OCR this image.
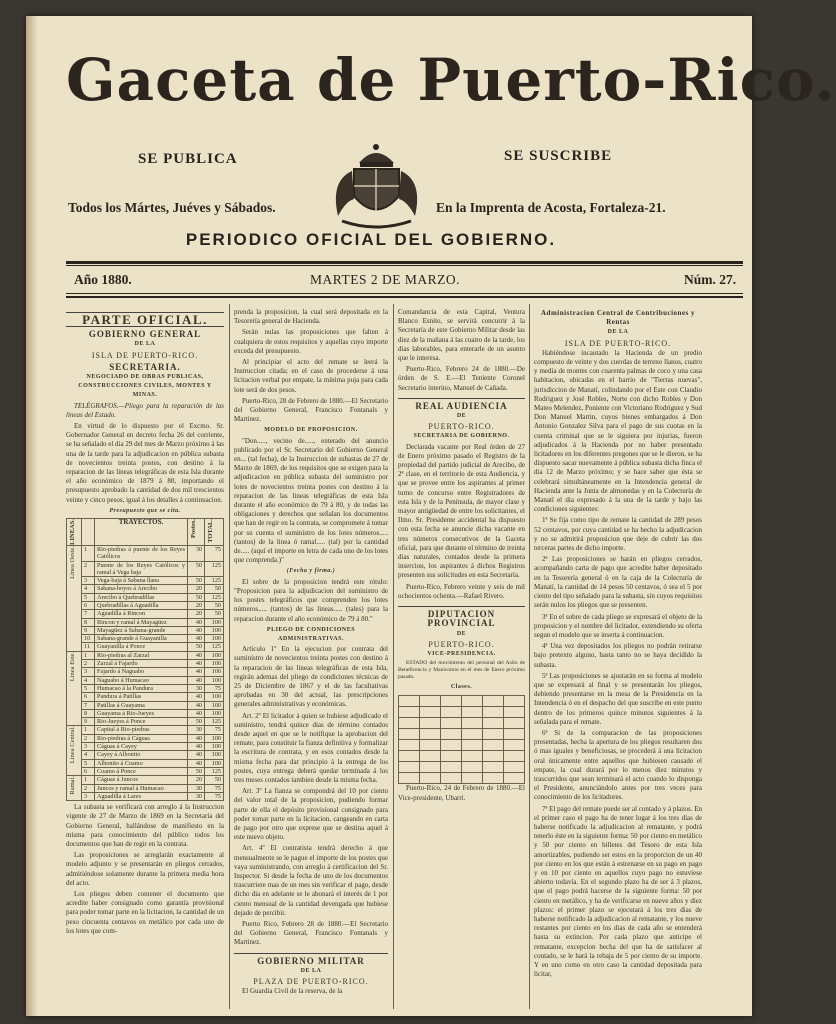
Gaceta de Puerto-Rico.
SE PUBLICA
Todos los Mártes, Juéves y Sábados.
SE SUSCRIBE
En la Imprenta de Acosta, Fortaleza-21.
PERIODICO OFICIAL DEL GOBIERNO.
Año 1880.	MARTES 2 DE MARZO.	Núm. 27.
PARTE OFICIAL.
GOBIERNO GENERAL
DE LA
ISLA DE PUERTO-RICO.
SECRETARIA.
NEGOCIADO DE OBRAS PUBLICAS, CONSTRUCCIONES CIVILES, MONTES Y MINAS.

TELÉGRAFOS.—Pliego para la reparación de las lineas del Estado.

En virtud de lo dispuesto por el Excmo. Sr. Gobernador General en decreto fecha 26 del corriente, se ha señalado el dia 29 del mes de Marzo próximo á las una de la tarde para la adjudicacion en pública subasta de novecientos treinta postes, con destino á la reparacion de las lineas telegráficas de esta Isla durante el año económico de 1879 á 80, importando el presupuesto aprobado la cantidad de dos mil trescientos veinte y cinco pesos, igual á los detalles á continuacion.

Presupuesto que se cita.
LINEAS.		TRAYECTOS.	Postes.	TOTAL.

Linea Oeste.	1	Rio-piedras á puente de los Reyes Católicos	30	75
	2	Puente de los Reyes Católicos y ramal á Vega baja	50	125
	3	Vega-baja á Sabana llana	50	125
	4	Sabana-hoyos á Arecibo	20	50
	5	Arecibo á Quebradillas	50	125
	6	Quebradillas á Aguadilla	20	50
	7	Aguadilla á Rincon	20	50
	8	Rincon y ramal á Mayagüez	40	100
	9	Mayagüez á Sabana-grande	40	100
	10	Sabana-grande á Guayanilla	40	100
	11	Guayanilla á Ponce	50	125

Linea Este.	1	Rio-piedras al Zarzal	40	100
	2	Zarzal á Fajardo	40	100
	3	Fajardo á Naguabo	40	100
	4	Naguabo á Humacao	40	100
	5	Humacao á la Pandura	30	75
	6	Pandura á Patillas	40	100
	7	Patillas á Guayama	40	100
	8	Guayama á Rio-Jueyes	40	100
	9	Rio-Jueyes á Ponce	50	125

Linea Central.	1	Capital á Rio-piedras	30	75
	2	Rio-piedras á Cáguas	40	100
	3	Cáguas á Cayey	40	100
	4	Cayey á Albonito	40	100
	5	Albonito á Coamo	40	100
	6	Coamo á Ponce	50	125

Ramal.	1	Cáguas á Juncos	20	50
	2	Juncos y ramal á Humacao	30	75
	3	Aguadilla á Lares	30	75

La subasta se verificará con arreglo á la Instruccion vigente de 27 de Marzo de 1869 en la Secretaría del Gobierno General, hallándose de manifiesto en la misma para conocimiento del público todos los documentos que han de regir en la contrata.

Las proposiciones se arreglarán exactamente al modelo adjunto y se presentarán en pliegos cerrados, admitiéndose solamente durante la primera media hora del acto.

Los pliegos deben contener el documento que acredite haber consignado como garantía provisional para poder tomar parte en la licitacion, la cantidad de un peso cincuenta centavos en metálico por cada uno de los lotes que com-

prenda la proposicion, la cual será depositada en la Tesorería general de Hacienda.

Serán nulas las proposiciones que falten á cualquiera de estos requisitos y aquellas cuyo importe exceda del presupuesto.

Al principiar el acto del remate se leerá la Instruccion citada; en el caso de procederse á una licitacion verbal por empate, la mínima puja para cada lote será de dos pesos.

Puerto-Rico, 28 de Febrero de 1880.—El Secretario del Gobierno General, Francisco Fontanals y Martinez.

MODELO DE PROPOSICION.

"Don....., vecino de....., enterado del anuncio publicado por el Sr. Secretario del Gobierno General en... (tal fecha), de la Instruccion de subastas de 27 de Marzo de 1869, de los requisitos que se exigen para la adjudicacion en pública subasta del suministro por lotes de novecientos treinta postes con destino á la reparacion de las lineas telegráficas de esta Isla durante el año económico de 79 á 80, y de todas las obligaciones y derechos que señalan los documentos que han de regir en la contrata, se compromete á tomar por su cuenta el suministro de los lotes números..... (tantos) de la linea ó ramal..... (tal) por la cantidad de..... (aquí el importe en letra de cada uno de los lotes que comprenda.)"

(Fecha y firma.)

El sobre de la proposicion tendrá este rótulo: "Proposicion para la adjudicacion del suministro de los postes telegráficos que comprenden los lotes números..... (tantos) de las lineas..... (tales) para la reparacion durante el año económico de 79 á 80."

PLIEGO DE CONDICIONES ADMINISTRATIVAS.

Artículo 1º En la ejecucion por contrata del suministro de novecientos treinta postes con destino á la reparacion de las lineas telegráficas de esta Isla, regirán ademas del pliego de condiciones técnicas de 25 de Diciembre de 1867 y el de las facultativas aprobadas en 30 del actual, las prescripciones generales administrativas y económicas.

Art. 2º El licitador á quien se hubiese adjudicado el suministro, tendrá quince dias de término contados desde aquel en que se le notifique la aprobacion del remate, para constituir la fianza definitiva y formalizar la escritura de contrata, y en esos contados desde la misma fecha para dar principio á la entrega de los postes, cuya entrega deberá quedar terminada á los tres meses contados tambien desde la misma fecha.

Art. 3º La fianza se compondrá del 10 por ciento del valor total de la proposicion, pudiendo formar parte de ella el depósito provisional consignado para poder tomar parte en la licitacion, cangeando en carta de pago por otro que exprese que se destina aquel á este nuevo objeto.

Art. 4º El contratista tendrá derecho á que mensualmente se le pague el importe de los postes que vaya suministrando, con arreglo á certificacion del Sr. Inspector. Si desde la fecha de uno de los documentos trascurriere mas de un mes sin verificar el pago, desde dicho dia en adelante se le abonará el interés de 1 por ciento mensual de la cantidad devengada que hubiese dejado de percibir.

Puerto Rico, Febrero 28 de 1880.—El Secretario del Gobierno General, Francisco Fontanals y Martinez.

GOBIERNO MILITAR
DE LA
PLAZA DE PUERTO-RICO.

El Guardia Civil de la reserva, de la

Comandancia de esta Capital, Ventura Blanco Esnito, se servirá concurrir á la Secretaría de este Gobierno Militar desde las diez de la mañana á las cuatro de la tarde, los dias laborables, para enterarle de un asunto que le interesa.

Puerto-Rico, Febrero 24 de 1880.—De órden de S. E.—El Teniente Coronel Secretario interino, Manuel de Cañada.

REAL AUDIENCIA
DE
PUERTO-RICO.
SECRETARIA DE GOBIERNO.

Declarada vacante por Real órden de 27 de Enero próximo pasado el Registro de la propiedad del partido judicial de Arecibo, de 2ª clase, en el territorio de esta Audiencia, y que se provee entre los aspirantes al primer turno de concurso entre Registradores de esta Isla y de la Península, de mayor clase y mayor antigüedad de entre los solicitantes, el Ilmo. Sr. Presidente accidental ha dispuesto con esta fecha se anuncie dicha vacante en tres números consecutivos de la Gaceta oficial, para que durante el término de treinta dias naturales, contados desde la primera insercion, los aspirantes á dichos Registros presenten sus solicitudes en esta Secretaría.

Puerto-Rico, Febrero veinte y seis de mil ochocientos ochenta.—Rafael Rivero.

DIPUTACION PROVINCIAL
DE
PUERTO-RICO.
VICE-PRESIDENCIA.

ESTADO del movimiento del personal del Asilo de Beneficencia y Manicomio en el mes de Enero próximo pasado.

Clases.

Puerto-Rico, 24 de Febrero de 1880.—El Vice-presidente, Ubarri.

Administracion Central de Contribuciones y Rentas
DE LA
ISLA DE PUERTO-RICO.

Habiéndose incautado la Hacienda de un predio compuesto de veinte y dos cuerdas de terreno llanos, cuatro y media de montes con cuarenta palmas de coco y una casa habitacion, ubicadas en el barrio de "Tierras nuevas", jurisdiccion de Manatí, colindando por el Este con Claudio Rodriguez y José Robles, Norte con dicho Robles y Don Mateo Melendez, Poniente con Victoriano Rodriguez y Sud Don Manuel Martin, cuyos bienes embargados á Don Antonio Gonzalez Silva para el pago de sus cuotas en la cuenta criminal que se le siguiera por injurias, fueron adjudicados á la Hacienda por no haber presentado licitadores en los diferentes pregones que se le dieron, se ha dispuesto sacar nuevamente á pública subasta dicha finca el dia 12 de Marzo próximo; y se hace saber que ésta se celebrará simultáneamente en la Intendencia general de Hacienda ante la Junta de almonedas y en la Colecturía de Manatí el dia expresado á la una de la tarde y bajo las condiciones siguientes:

1ª Se fija como tipo de remate la cantidad de 289 pesos 52 centavos, por cuya cantidad se ha hecho la adjudicacion y no se admitirá proposicion que deje de cubrir las dos terceras partes de dicho importe.

2ª Las proposiciones se harán en pliegos cerrados, acompañando carta de pago que acredite haber depositado en la Tesorería general ó en la caja de la Colecturía de Manatí, la cantidad de 14 pesos 50 centavos, ó sea el 5 por ciento del tipo señalado para la subasta, sin cuyos requisitos serán nulos los pliegos que se presenten.

3ª En el sobre de cada pliego se expresará el objeto de la proposicion y el nombre del licitador, extendiendo su oferta segun el modelo que se inserta á continuacion.

4ª Una vez depositados los pliegos no podrán retirarse bajo pretexto alguno, hasta tanto no se haya decidido la subasta.

5ª Las proposiciones se ajustarán en su forma al modelo que se expresará al final y se presentarán los pliegos, debiendo presentarse en la mesa de la Presidencia en la Intendencia ó en el despacho del que suscribe en este punto dentro de los primeros quince minutos siguientes á la señalada para el remate.

6ª Si de la comparacion de las proposiciones presentadas, hecha la apertura de los pliegos resultaren dos ó mas iguales y beneficiosas, se procederá á una licitacion oral únicamente entre aquellos que hubiesen causado el empate, la cual durará por lo menos diez minutos y trascurridos que sean terminará el acto cuando lo disponga el Presidente, anunciándolo antes por tres veces para conocimiento de los licitadores.

7ª El pago del remate puede ser al contado y á plazos. En el primer caso el pago ha de tener lugar á los tres dias de haberse notificado la adjudicacion al rematante, y podrá tenerlo éste en la siguiente forma: 50 por ciento en metálico y 50 por ciento en billetes del Tesoro de esta Isla amortizables, pudiendo ser estos en la proporcion de un 40 por ciento en los que están á estrenarse en su pago en pago y en 10 por ciento en aquellos cuyo pago no estuviese abierto todavía. En el segundo plazo ha de ser á 3 plazos, que el pago podrá hacerse de la siguiente forma: 50 por ciento en metálico, y ha de verificarse en nueve años y diez plazos: el primer plazo se ejecutará á los tres dias de haberse notificado la adjudicacion al rematante, y los nueve restantes por ciento en los dias de cada año se entenderá hasta su extincion. Por cada plazo que anticipe el rematante, excepcion hecha del que ha de satisfacer al contado, se le hará la rebaja de 5 por ciento de su importe. Y en uno como en otro caso la cantidad depositada para licitar,
